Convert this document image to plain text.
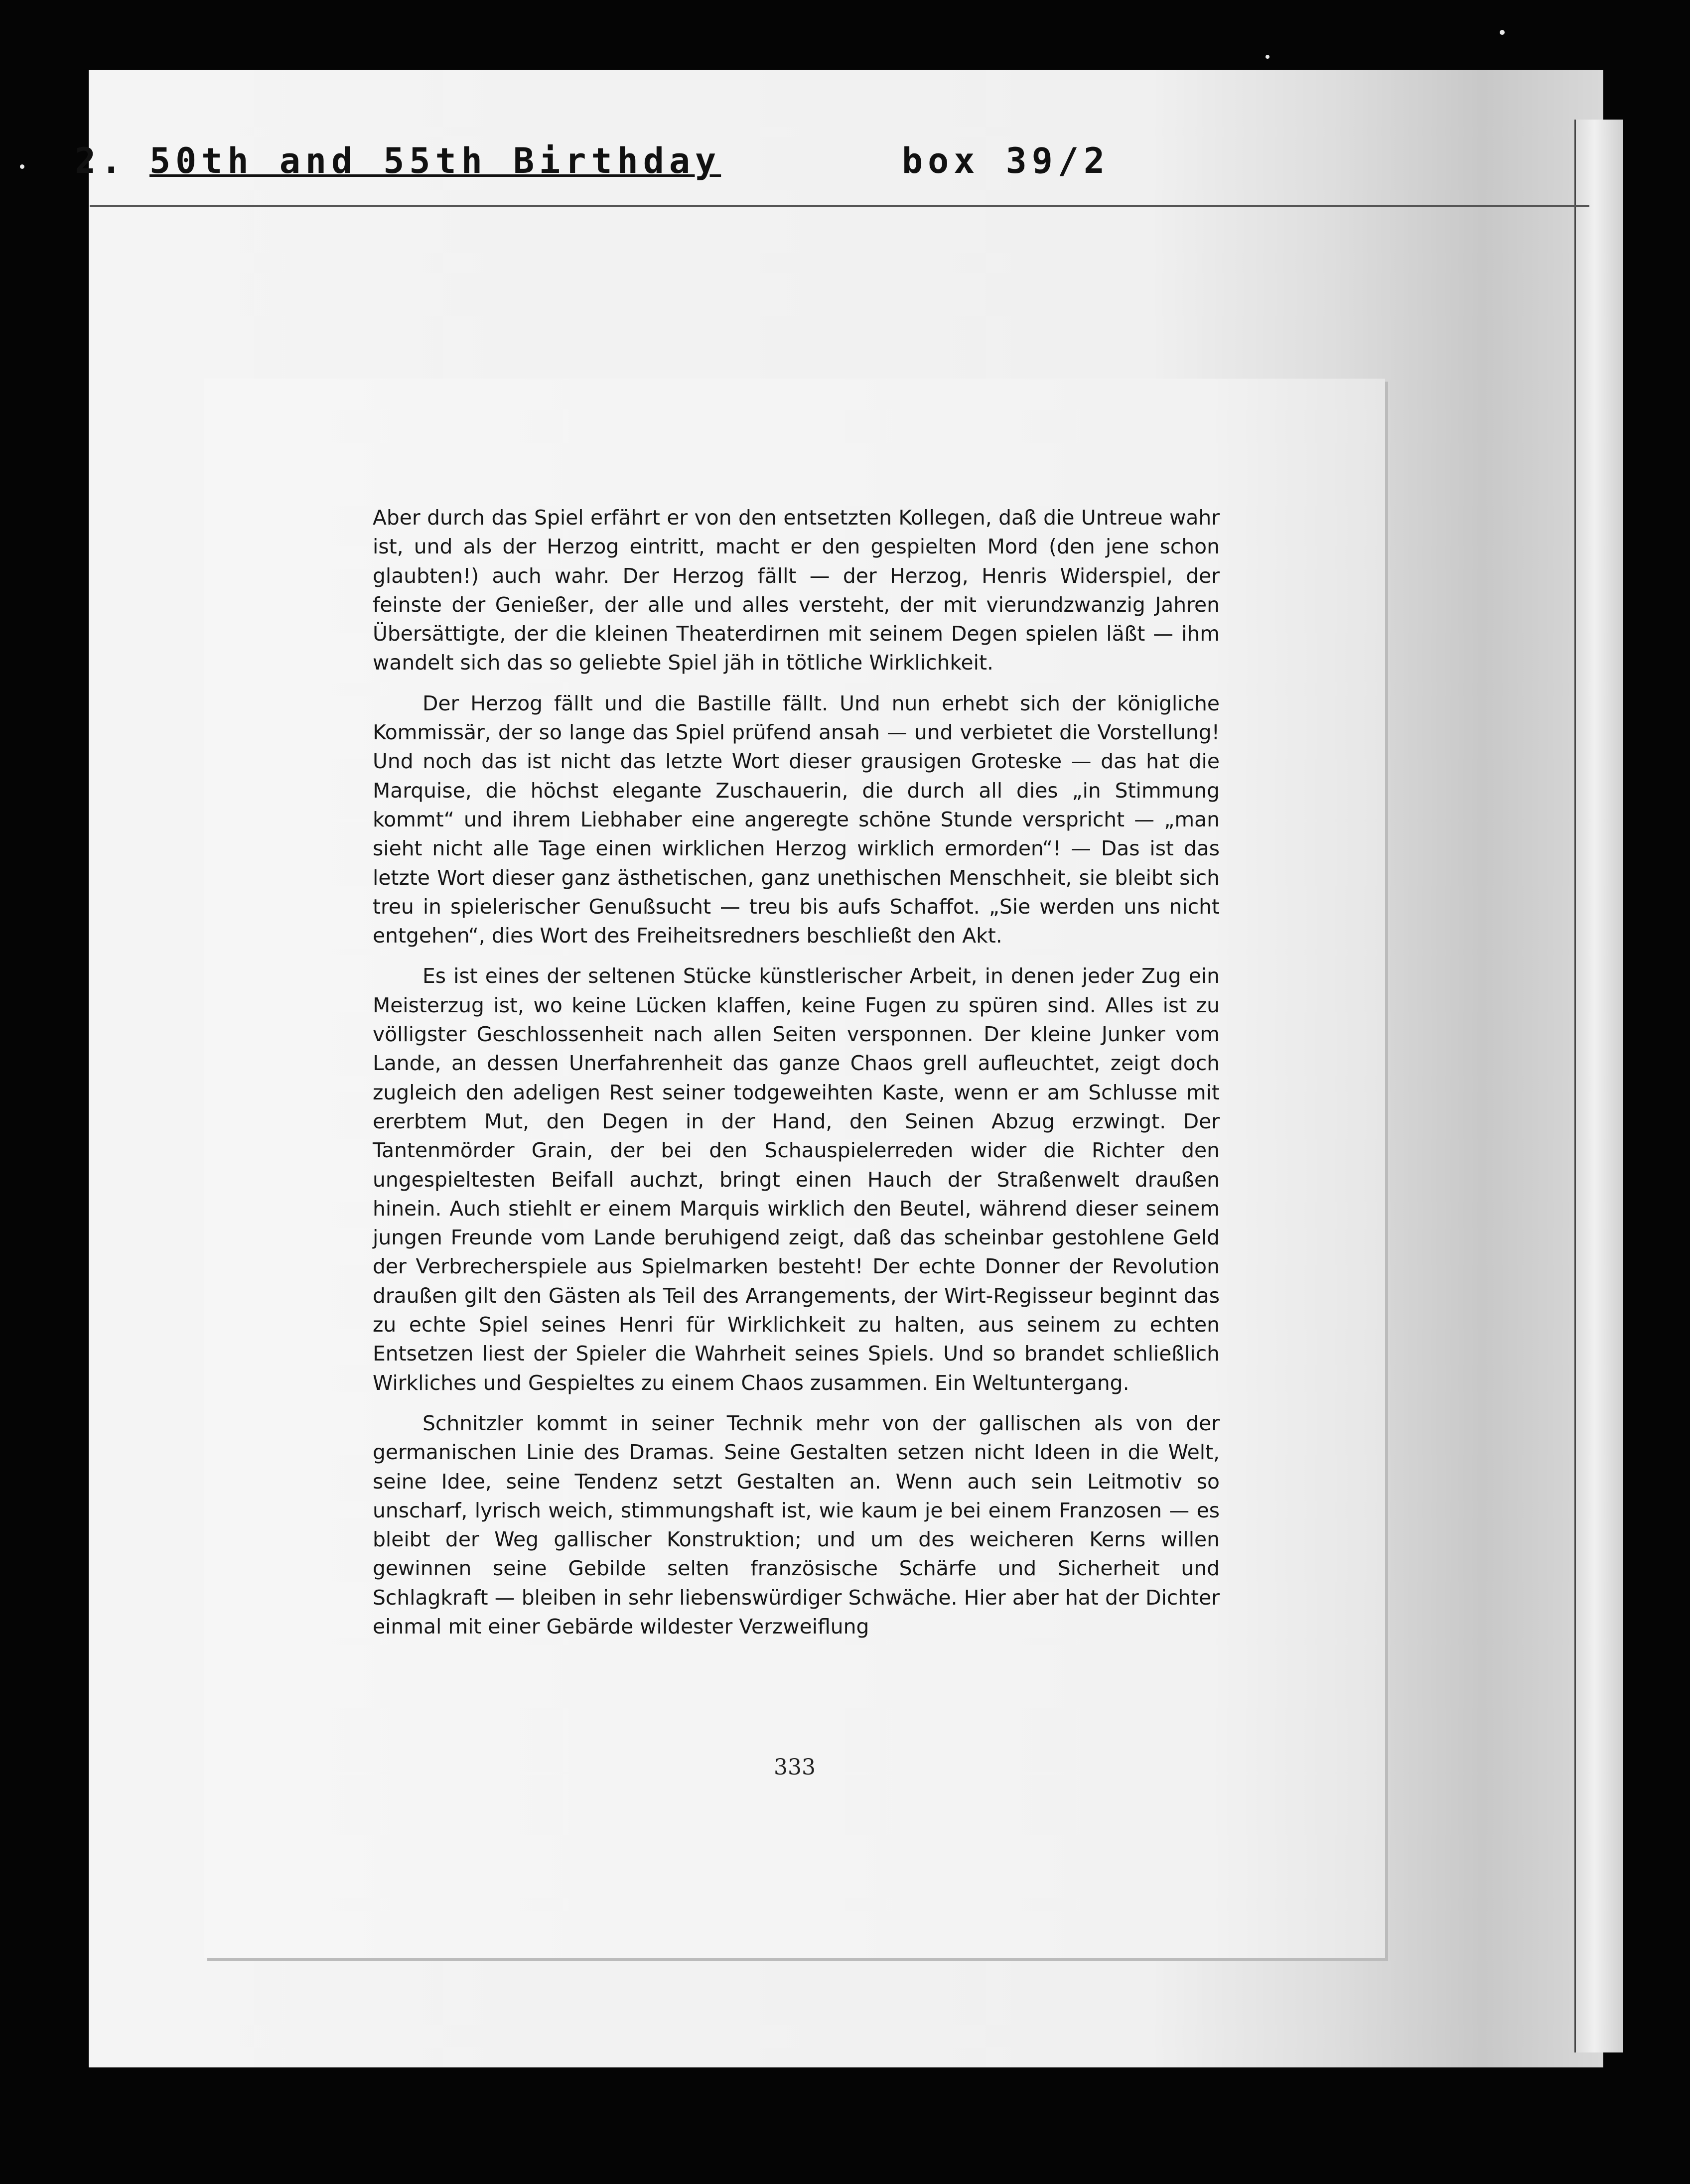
2. 50th and 55th Birthday	box 39/2

Aber durch das Spiel erfährt er von den entsetzten Kollegen, daß die Untreue wahr ist, und als der Herzog eintritt, macht er den gespielten Mord (den jene schon glaubten!) auch wahr. Der Herzog fällt — der Herzog, Henris Widerspiel, der feinste der Genießer, der alle und alles versteht, der mit vierundzwanzig Jahren Übersättigte, der die kleinen Theaterdirnen mit seinem Degen spielen läßt — ihm wandelt sich das so geliebte Spiel jäh in tötliche Wirklichkeit.

Der Herzog fällt und die Bastille fällt. Und nun erhebt sich der königliche Kommissär, der so lange das Spiel prüfend ansah — und verbietet die Vorstellung! Und noch das ist nicht das letzte Wort dieser grausigen Groteske — das hat die Marquise, die höchst elegante Zuschauerin, die durch all dies „in Stimmung kommt“ und ihrem Liebhaber eine angeregte schöne Stunde verspricht — „man sieht nicht alle Tage einen wirklichen Herzog wirklich ermorden“! — Das ist das letzte Wort dieser ganz ästhetischen, ganz unethischen Menschheit, sie bleibt sich treu in spielerischer Genußsucht — treu bis aufs Schaffot. „Sie werden uns nicht entgehen“, dies Wort des Freiheitsredners beschließt den Akt.

Es ist eines der seltenen Stücke künstlerischer Arbeit, in denen jeder Zug ein Meisterzug ist, wo keine Lücken klaffen, keine Fugen zu spüren sind. Alles ist zu völligster Geschlossenheit nach allen Seiten versponnen. Der kleine Junker vom Lande, an dessen Unerfahrenheit das ganze Chaos grell aufleuchtet, zeigt doch zugleich den adeligen Rest seiner todgeweihten Kaste, wenn er am Schlusse mit ererbtem Mut, den Degen in der Hand, den Seinen Abzug erzwingt. Der Tantenmörder Grain, der bei den Schauspielerreden wider die Richter den ungespieltesten Beifall auchzt, bringt einen Hauch der Straßenwelt draußen hinein. Auch stiehlt er einem Marquis wirklich den Beutel, während dieser seinem jungen Freunde vom Lande beruhigend zeigt, daß das scheinbar gestohlene Geld der Verbrecherspiele aus Spielmarken besteht! Der echte Donner der Revolution draußen gilt den Gästen als Teil des Arrangements, der Wirt-Regisseur beginnt das zu echte Spiel seines Henri für Wirklichkeit zu halten, aus seinem zu echten Entsetzen liest der Spieler die Wahrheit seines Spiels. Und so brandet schließlich Wirkliches und Gespieltes zu einem Chaos zusammen. Ein Weltuntergang.

Schnitzler kommt in seiner Technik mehr von der gallischen als von der germanischen Linie des Dramas. Seine Gestalten setzen nicht Ideen in die Welt, seine Idee, seine Tendenz setzt Gestalten an. Wenn auch sein Leitmotiv so unscharf, lyrisch weich, stimmungshaft ist, wie kaum je bei einem Franzosen — es bleibt der Weg gallischer Konstruktion; und um des weicheren Kerns willen gewinnen seine Gebilde selten französische Schärfe und Sicherheit und Schlagkraft — bleiben in sehr liebenswürdiger Schwäche. Hier aber hat der Dichter einmal mit einer Gebärde wildester Verzweiflung

333
